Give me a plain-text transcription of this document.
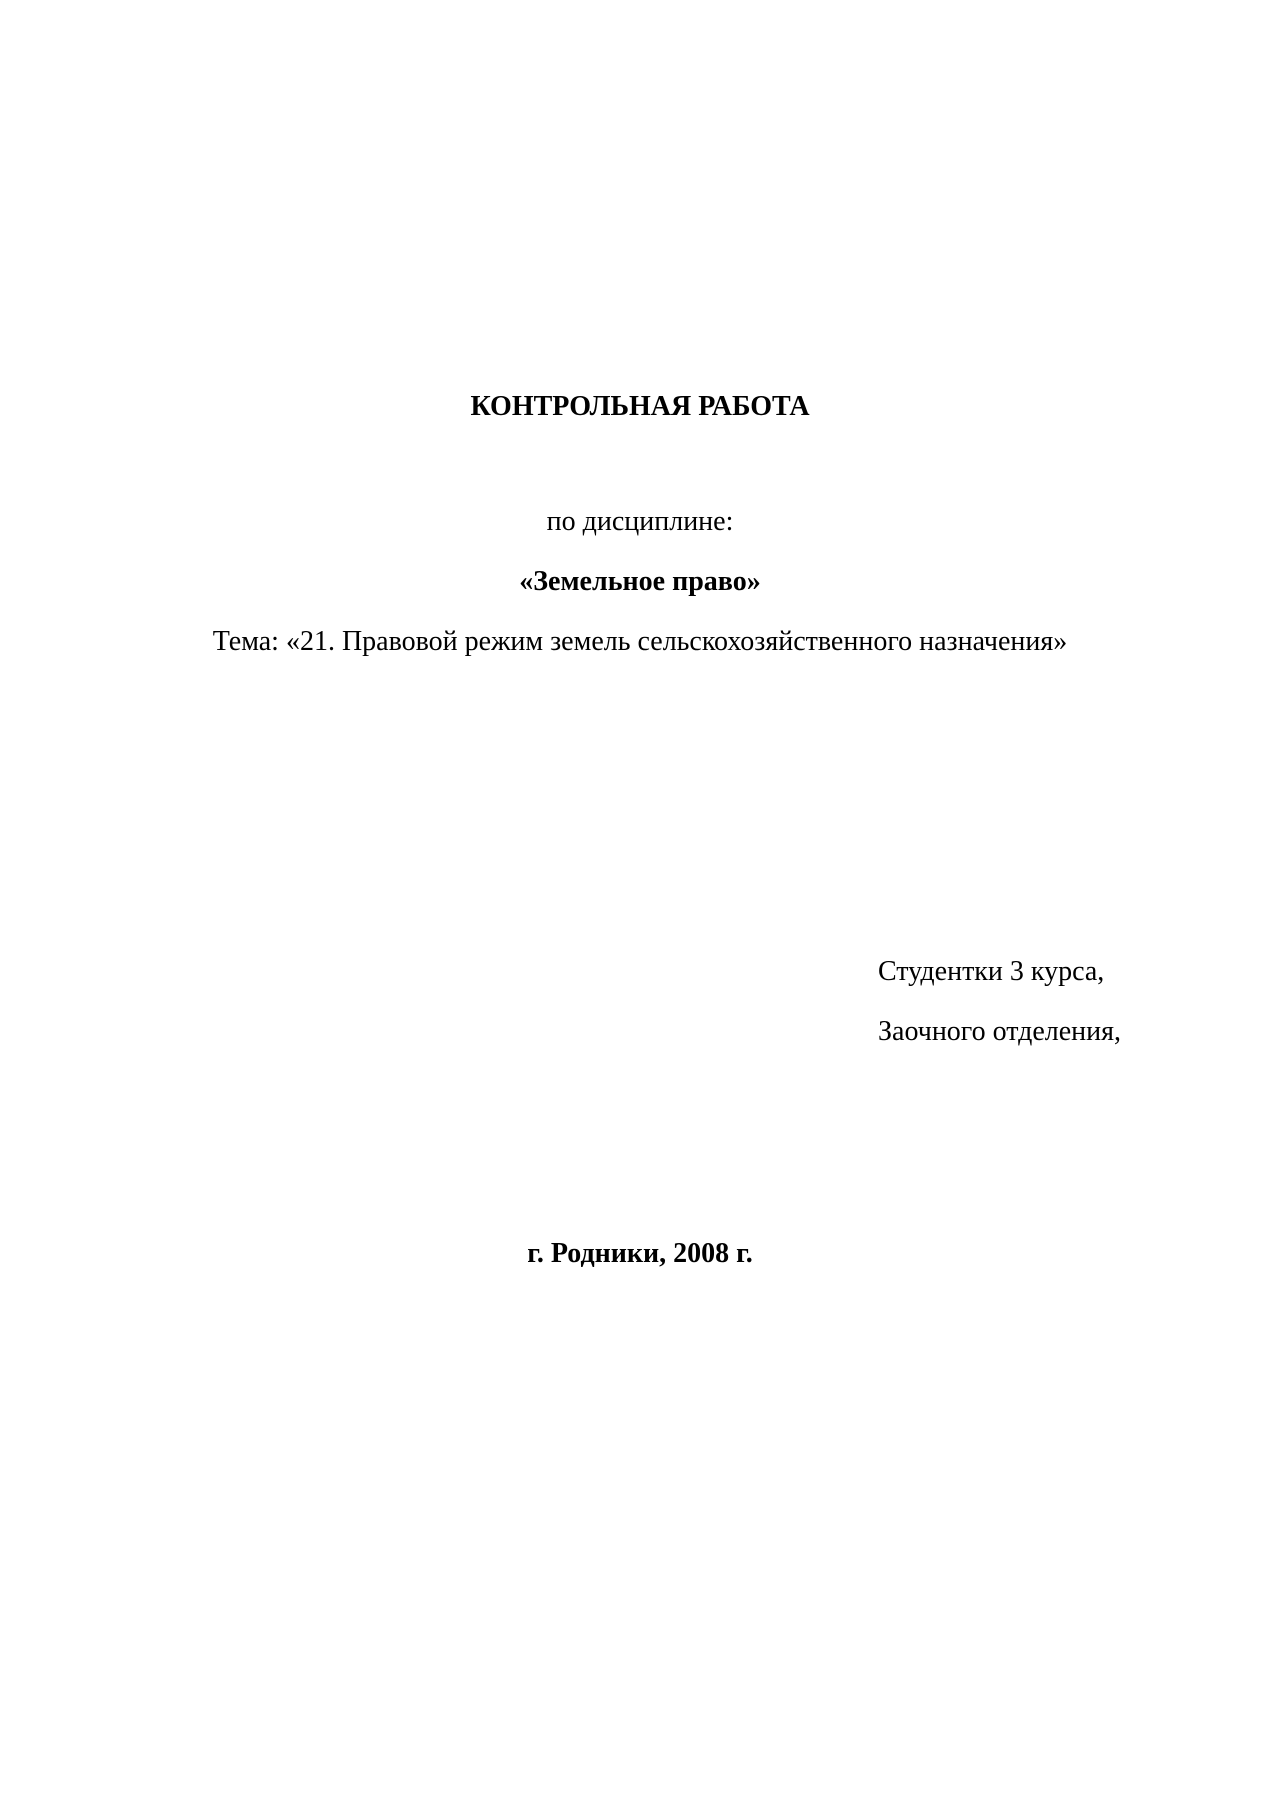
КОНТРОЛЬНАЯ РАБОТА
по дисциплине:
«Земельное право»
Тема: «21. Правовой режим земель сельскохозяйственного назначения»
Студентки 3 курса,
Заочного отделения,
г. Родники, 2008 г.
